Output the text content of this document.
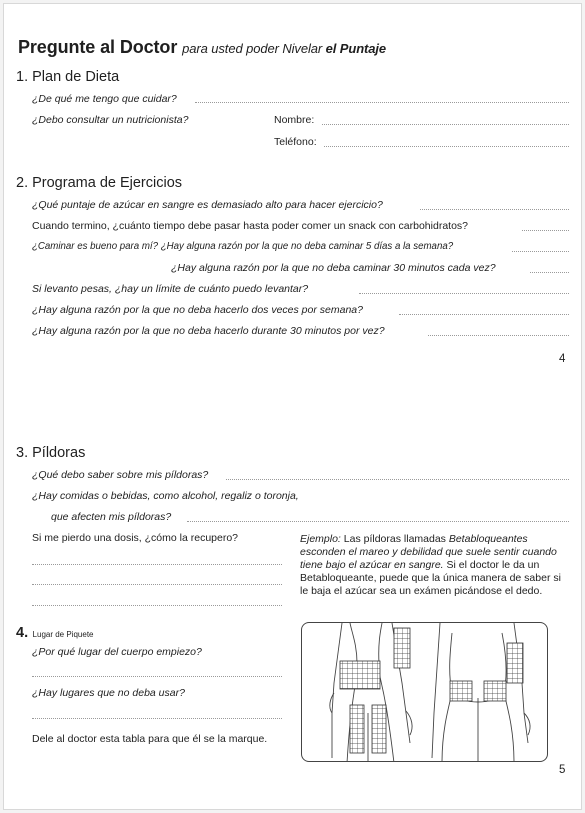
Pregunte al Doctor para usted poder Nivelar el Puntaje
1. Plan de Dieta
¿De qué me tengo que cuidar?
¿Debo consultar un nutricionista?	Nombre:
Teléfono:
2. Programa de Ejercicios
¿Qué puntaje de azúcar en sangre es demasiado alto para hacer ejercicio?
Cuando termino, ¿cuánto tiempo debe pasar hasta poder comer un snack con carbohidratos?
¿Caminar es bueno para mí? ¿Hay alguna razón por la que no deba caminar 5 días a la semana?
¿Hay alguna razón por la que no deba caminar 30 minutos cada vez?
Si levanto pesas, ¿hay un límite de cuánto puedo levantar?
¿Hay alguna razón por la que no deba hacerlo dos veces por semana?
¿Hay alguna razón por la que no deba hacerlo durante 30 minutos por vez?
4
3. Píldoras
¿Qué debo saber sobre mis píldoras?
¿Hay comidas o bebidas, como alcohol, regaliz o toronja,
que afecten mis píldoras?
Si me pierdo una dosis, ¿cómo la recupero?	Ejemplo: Las píldoras llamadas Betabloqueantes esconden el mareo y debilidad que suele sentir cuando tiene bajo el azúcar en sangre. Si el doctor le da un Betabloqueante, puede que la única manera de saber si le baja el azúcar sea un exámen picándose el dedo.
4. Lugar de Piquete
¿Por qué lugar del cuerpo empiezo?
¿Hay lugares que no deba usar?
Dele al doctor esta tabla para que él se la marque.
5
